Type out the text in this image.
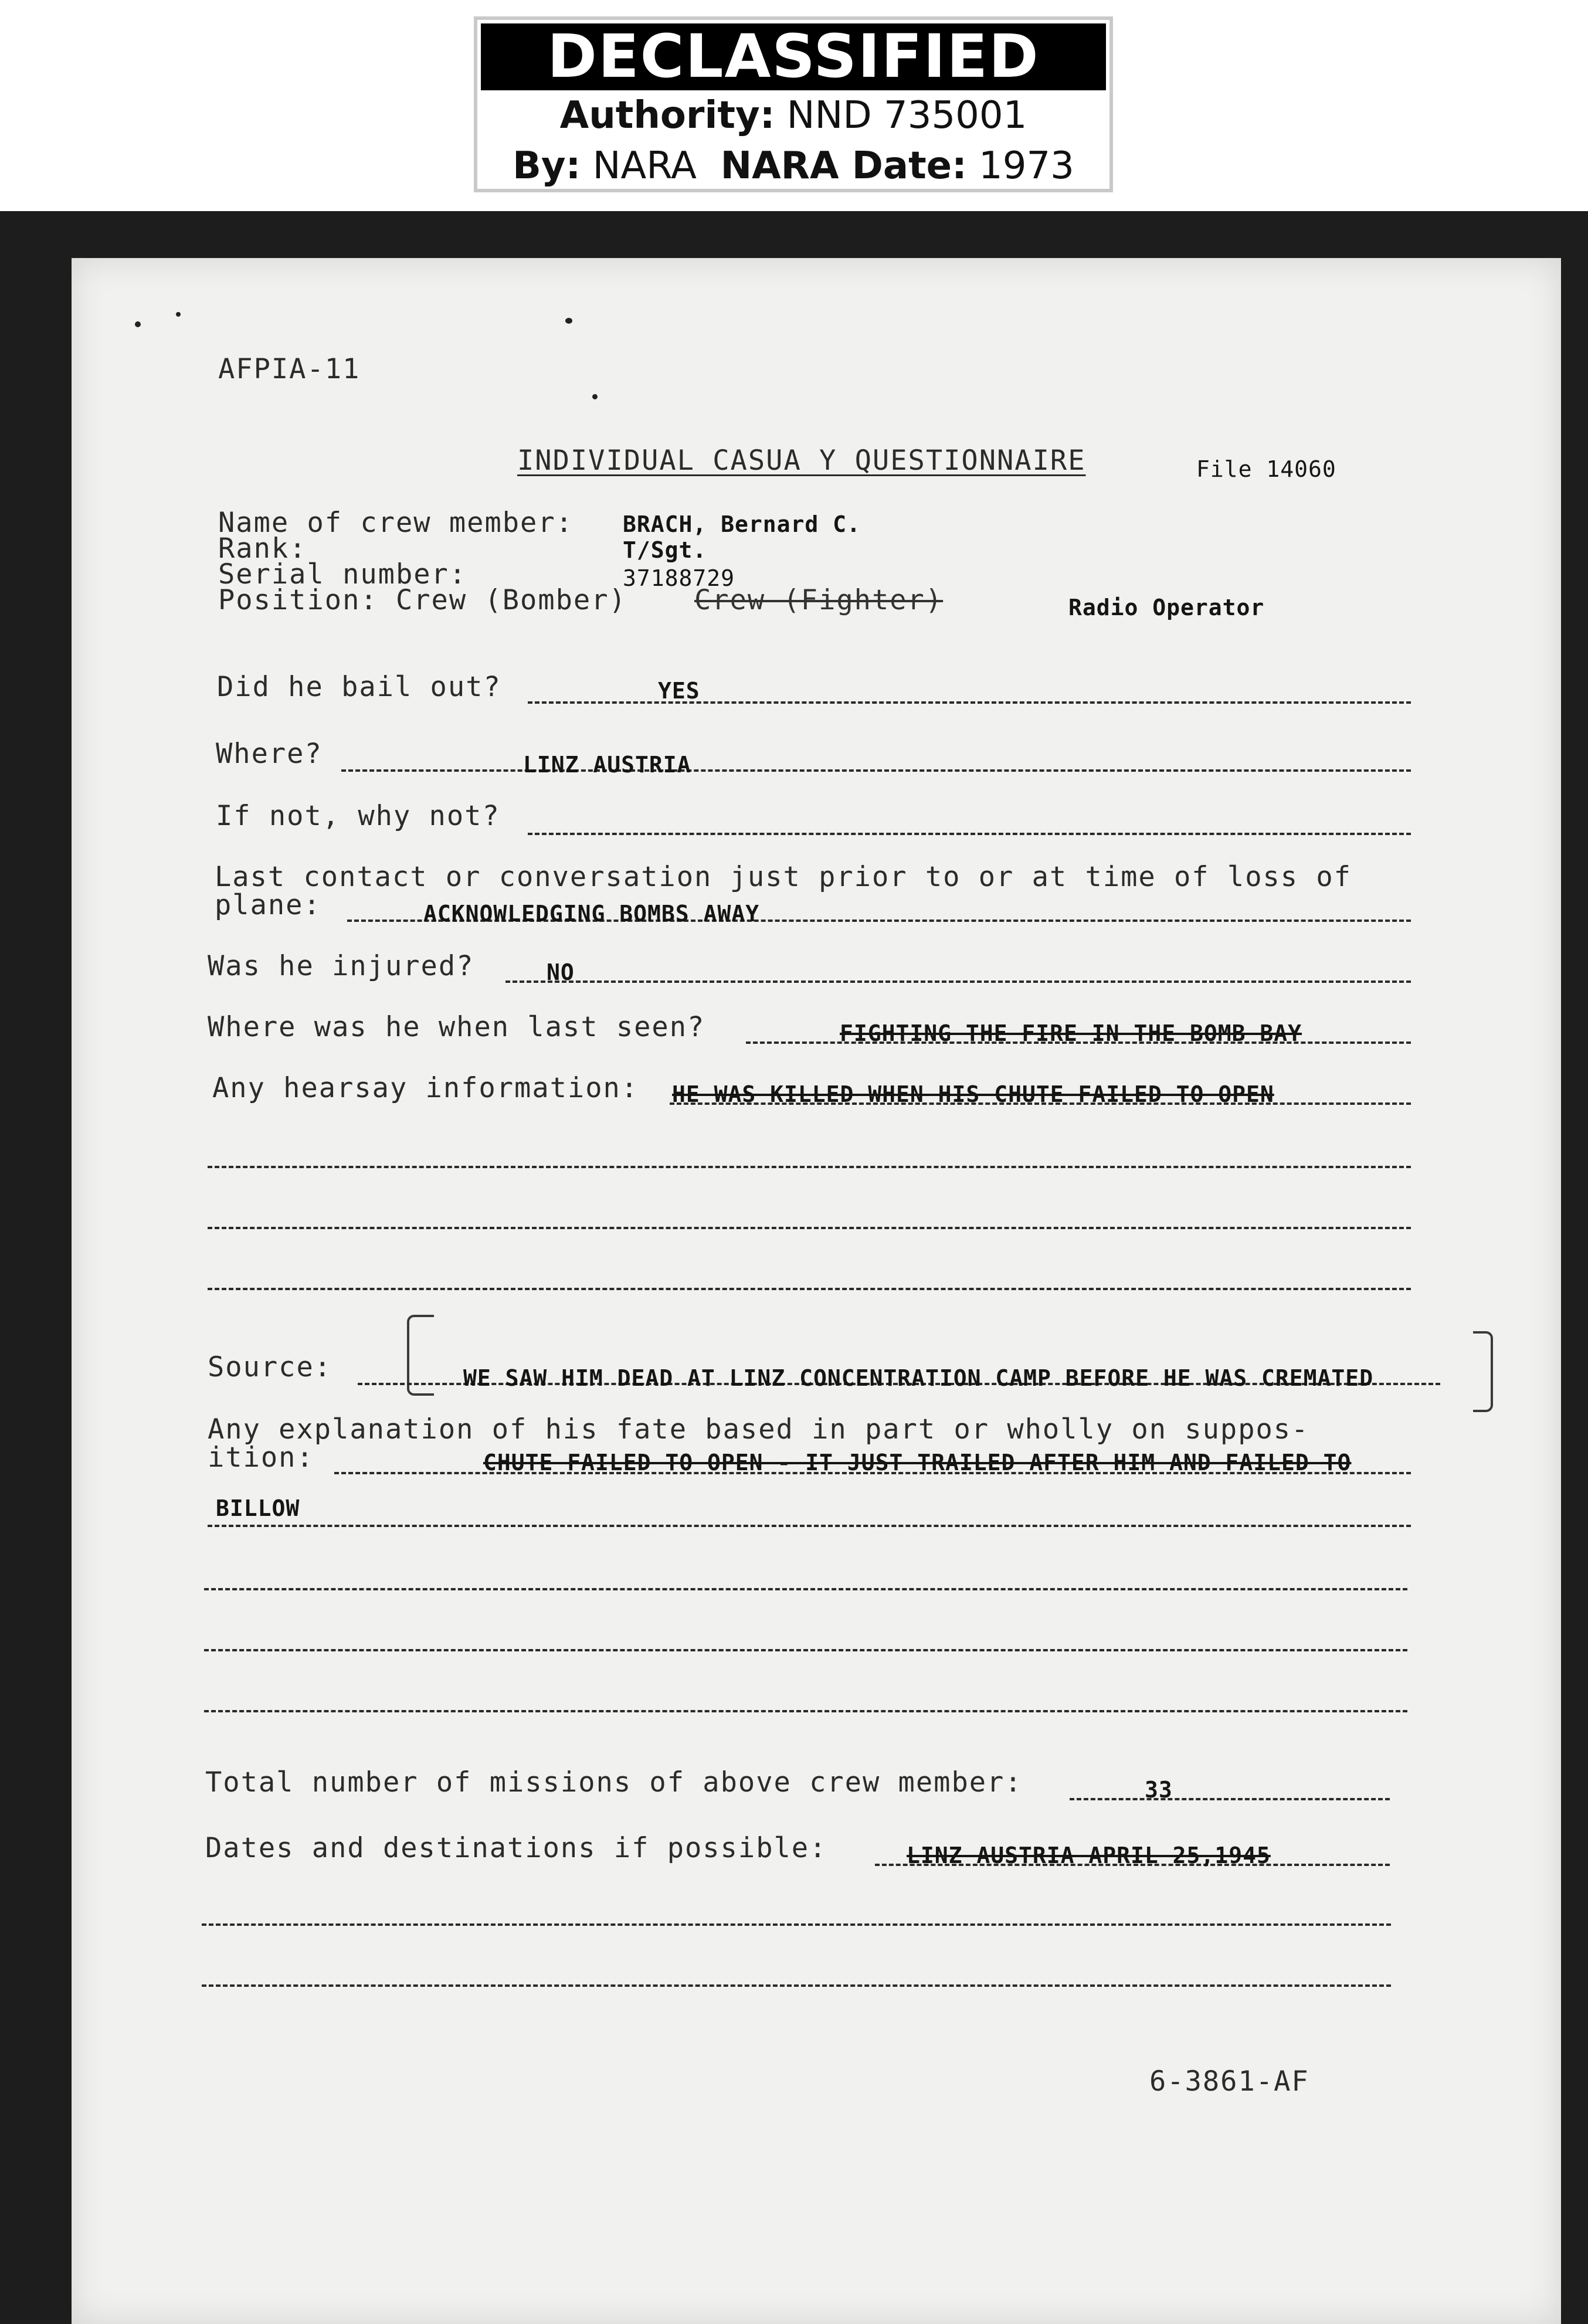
DECLASSIFIED
Authority: NND 735001
By: NARA NARA Date: 1973
AFPIA-11
INDIVIDUAL CASUA Y QUESTIONNAIRE	File 14060
Name of crew member: BRACH, Bernard C.
Rank:	T/Sgt.
Serial number:	37188729
Position: Crew (Bomber) Crew (Fighter)	Radio Operator
Did he bail out?	YES
Where?	LINZ AUSTRIA
If not, why not?
Last contact or conversation just prior to or at time of loss of
plane:	ACKNOWLEDGING BOMBS AWAY
Was he injured?	NO
Where was he when last seen?	FIGHTING THE FIRE IN THE BOMB BAY
Any hearsay information: HE WAS KILLED WHEN HIS CHUTE FAILED TO OPEN
Source:	WE SAW HIM DEAD AT LINZ CONCENTRATION CAMP BEFORE HE WAS CREMATED
Any explanation of his fate based in part or wholly on suppos-
ition:	CHUTE FAILED TO OPEN - IT JUST TRAILED AFTER HIM AND FAILED TO
BILLOW
Total number of missions of above crew member:	33
Dates and destinations if possible:	LINZ AUSTRIA APRIL 25,1945
6-3861-AF
